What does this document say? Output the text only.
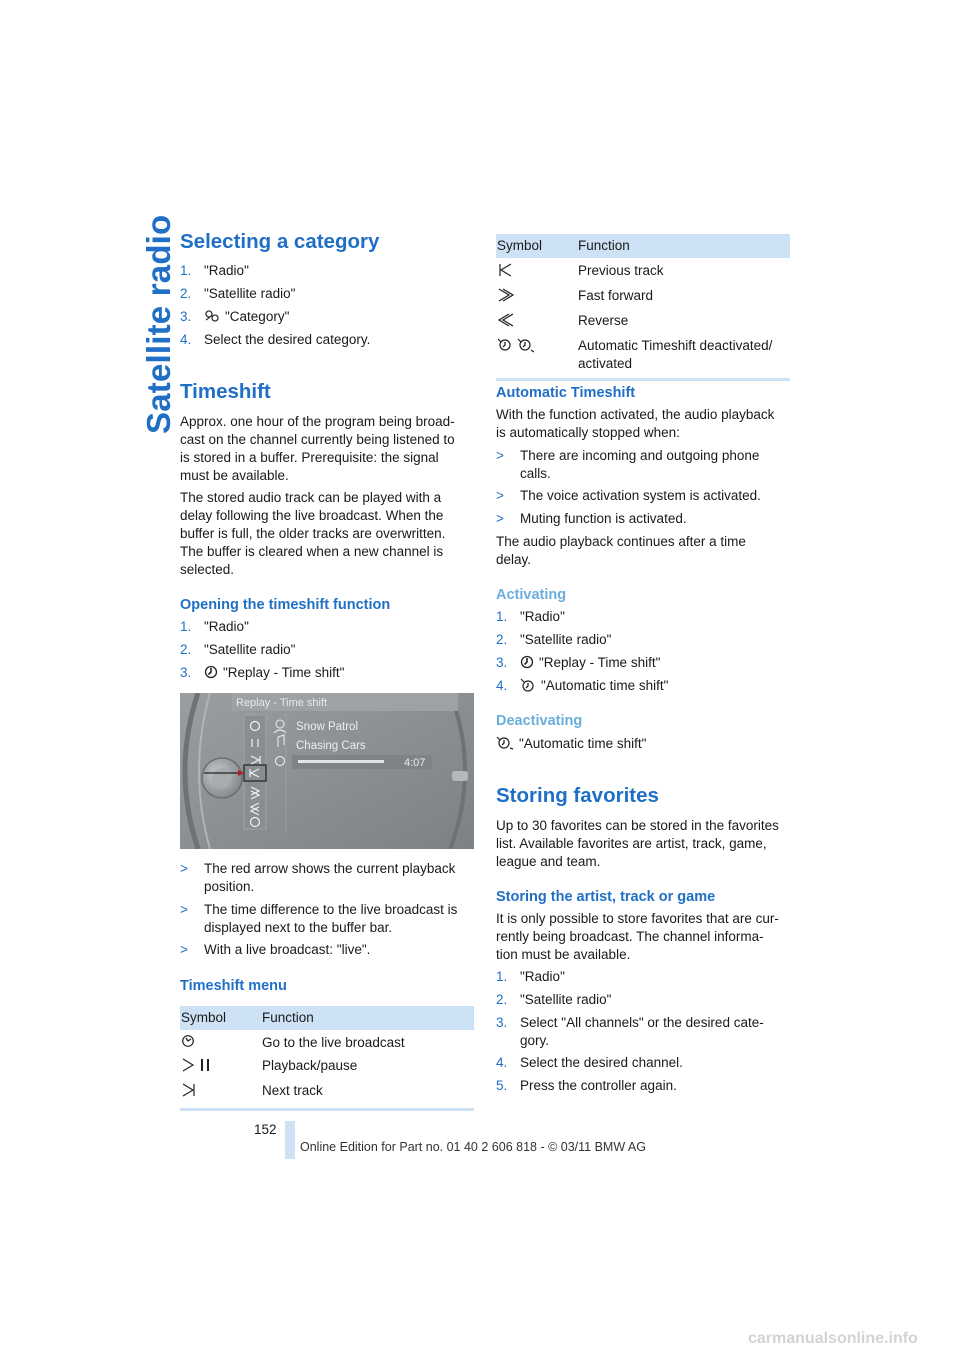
Satellite radio Selecting a category
1. "Radio"
2. "Satellite radio"
3.	"Category"
4. Select the desired category.
Timeshift
Approx. one hour of the program being broad-
cast on the channel currently being listened to
is stored in a buffer. Prerequisite: the signal
must be available.
The stored audio track can be played with a
delay following the live broadcast. When the
buffer is full, the older tracks are overwritten.
The buffer is cleared when a new channel is
selected.
Opening the timeshift function
1. "Radio"
2. "Satellite radio"
3.	"Replay - Time shift"
Replay - Time shift
Snow Patrol
Chasing Cars
4:07
>	The red arrow shows the current playback
position.
>	The time difference to the live broadcast is
displayed next to the buffer bar.
>	With a live broadcast: "live".
Timeshift menu
Symbol	Function
Go to the live broadcast
Playback/pause
Next track
Symbol	Function
Previous track
Fast forward
Reverse
Automatic Timeshift deactivated/
activated
Automatic Timeshift
With the function activated, the audio playback
is automatically stopped when:
>	There are incoming and outgoing phone
calls.
>	The voice activation system is activated.
>	Muting function is activated.
The audio playback continues after a time
delay.
Activating
1. "Radio"
2. "Satellite radio"
3.	"Replay - Time shift"
4.	"Automatic time shift"
Deactivating
"Automatic time shift"
Storing favorites
Up to 30 favorites can be stored in the favorites
list. Available favorites are artist, track, game,
league and team.
Storing the artist, track or game
It is only possible to store favorites that are cur-
rently being broadcast. The channel informa-
tion must be available.
1. "Radio"
2. "Satellite radio"
3. Select "All channels" or the desired cate-
gory.
4. Select the desired channel.
5. Press the controller again.
152
Online Edition for Part no. 01 40 2 606 818 - © 03/11 BMW AG
carmanualsonline.info
